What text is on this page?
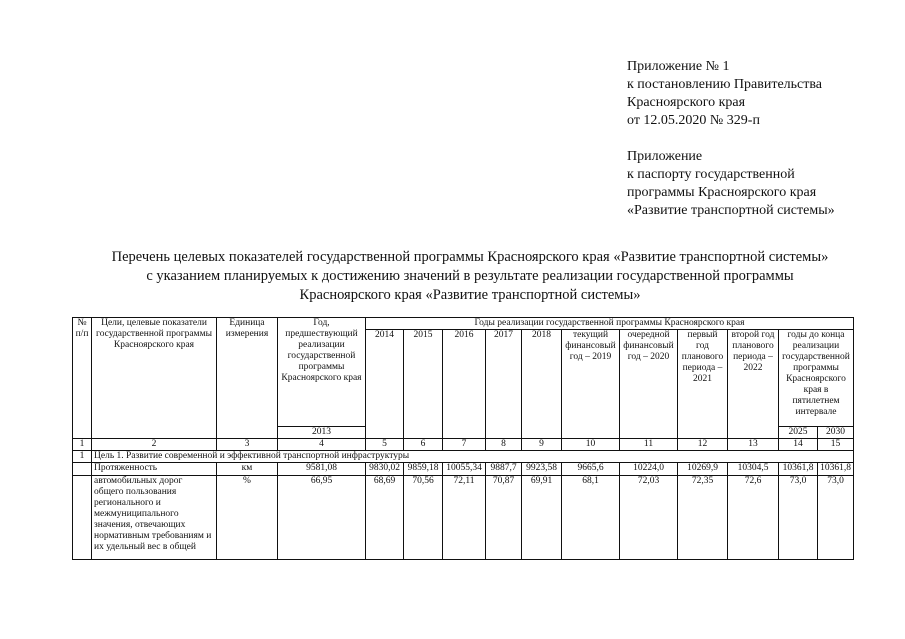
Приложение № 1
к постановлению Правительства
Красноярского края
от 12.05.2020 № 329-п
Приложение
к паспорту государственной
программы Красноярского края
«Развитие транспортной системы»
Перечень целевых показателей государственной программы Красноярского края «Развитие транспортной системы»
с указанием планируемых к достижению значений в результате реализации государственной программы
Красноярского края «Развитие транспортной системы»
№ п/п	Цели, целевые показатели государственной программы Красноярского края	Единица измерения	Год, предшествующий реализации государственной программы Красноярского края	Годы реализации государственной программы Красноярского края										
				2014	2015	2016	2017	2018	текущий финансовый год – 2019	очередной финансовый год – 2020	первый год планового периода – 2021	второй год планового периода – 2022	годы до конца реализации государственной программы Красноярского края в пятилетнем интервале	
			2013										2025	2030
1	2	3	4	5	6	7	8	9	10	11	12	13	14	15
1	Цель 1. Развитие современной и эффективной транспортной инфраструктуры													
	Протяженность	км	9581,08	9830,02	9859,18	10055,34	9887,7	9923,58	9665,6	10224,0	10269,9	10304,5	10361,8	10361,8
	автомобильных дорог общего пользования регионального и межмуниципального значения, отвечающих нормативным требованиям и их удельный вес в общей	%	66,95	68,69	70,56	72,11	70,87	69,91	68,1	72,03	72,35	72,6	73,0	73,0
